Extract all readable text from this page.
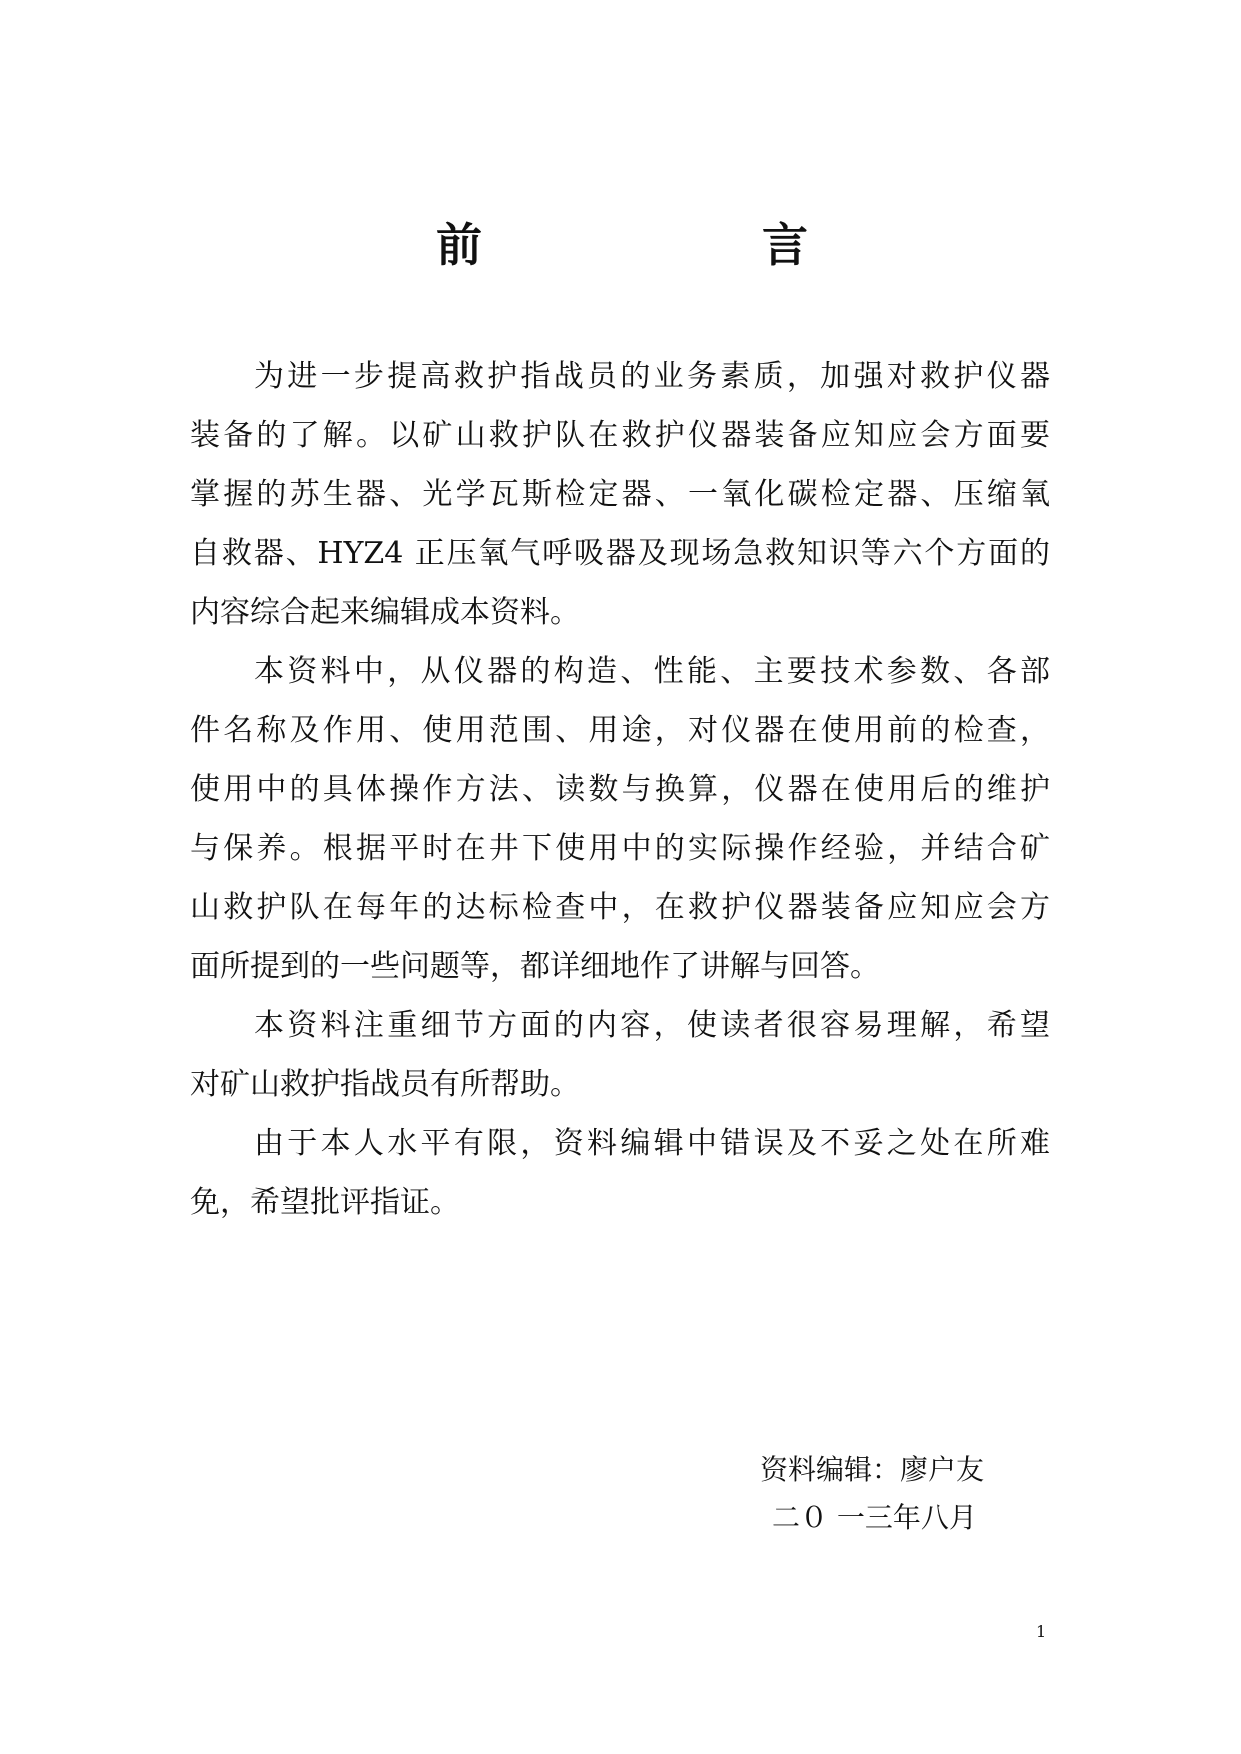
前	言
为进一步提高救护指战员的业务素质，加强对救护仪器
装备的了解。以矿山救护队在救护仪器装备应知应会方面要
掌握的苏生器、光学瓦斯检定器、一氧化碳检定器、压缩氧
自救器、HYZ4 正压氧气呼吸器及现场急救知识等六个方面的
内容综合起来编辑成本资料。
本资料中，从仪器的构造、性能、主要技术参数、各部
件名称及作用、使用范围、用途，对仪器在使用前的检查，
使用中的具体操作方法、读数与换算，仪器在使用后的维护
与保养。根据平时在井下使用中的实际操作经验，并结合矿
山救护队在每年的达标检查中，在救护仪器装备应知应会方
面所提到的一些问题等，都详细地作了讲解与回答。
本资料注重细节方面的内容，使读者很容易理解，希望
对矿山救护指战员有所帮助。
由于本人水平有限，资料编辑中错误及不妥之处在所难
免，希望批评指证。
资料编辑：廖户友
二０ 一三年八月
1
